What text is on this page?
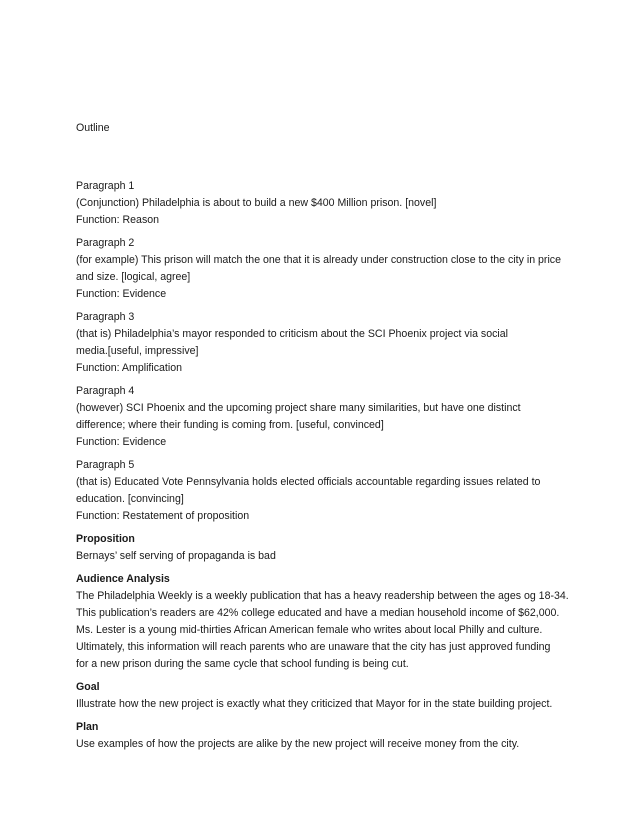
Outline
Paragraph 1
(Conjunction) Philadelphia is about to build a new $400 Million prison. [novel]
Function: Reason
Paragraph 2
(for example) This prison will match the one that it is already under construction close to the city in price
and size. [logical, agree]
Function: Evidence
Paragraph 3
(that is) Philadelphia’s mayor responded to criticism about the SCI Phoenix project via social
media.[useful, impressive]
Function: Amplification
Paragraph 4
(however) SCI Phoenix and the upcoming project share many similarities, but have one distinct
difference; where their funding is coming from. [useful, convinced]
Function: Evidence
Paragraph 5
(that is) Educated Vote Pennsylvania holds elected officials accountable regarding issues related to
education. [convincing]
Function: Restatement of proposition
Proposition
Bernays’ self serving of propaganda is bad
Audience Analysis
The Philadelphia Weekly is a weekly publication that has a heavy readership between the ages og 18-34.
This publication’s readers are 42% college educated and have a median household income of $62,000.
Ms. Lester is a young mid-thirties African American female who writes about local Philly and culture.
Ultimately, this information will reach parents who are unaware that the city has just approved funding
for a new prison during the same cycle that school funding is being cut.
Goal
Illustrate how the new project is exactly what they criticized that Mayor for in the state building project.
Plan
Use examples of how the projects are alike by the new project will receive money from the city.
